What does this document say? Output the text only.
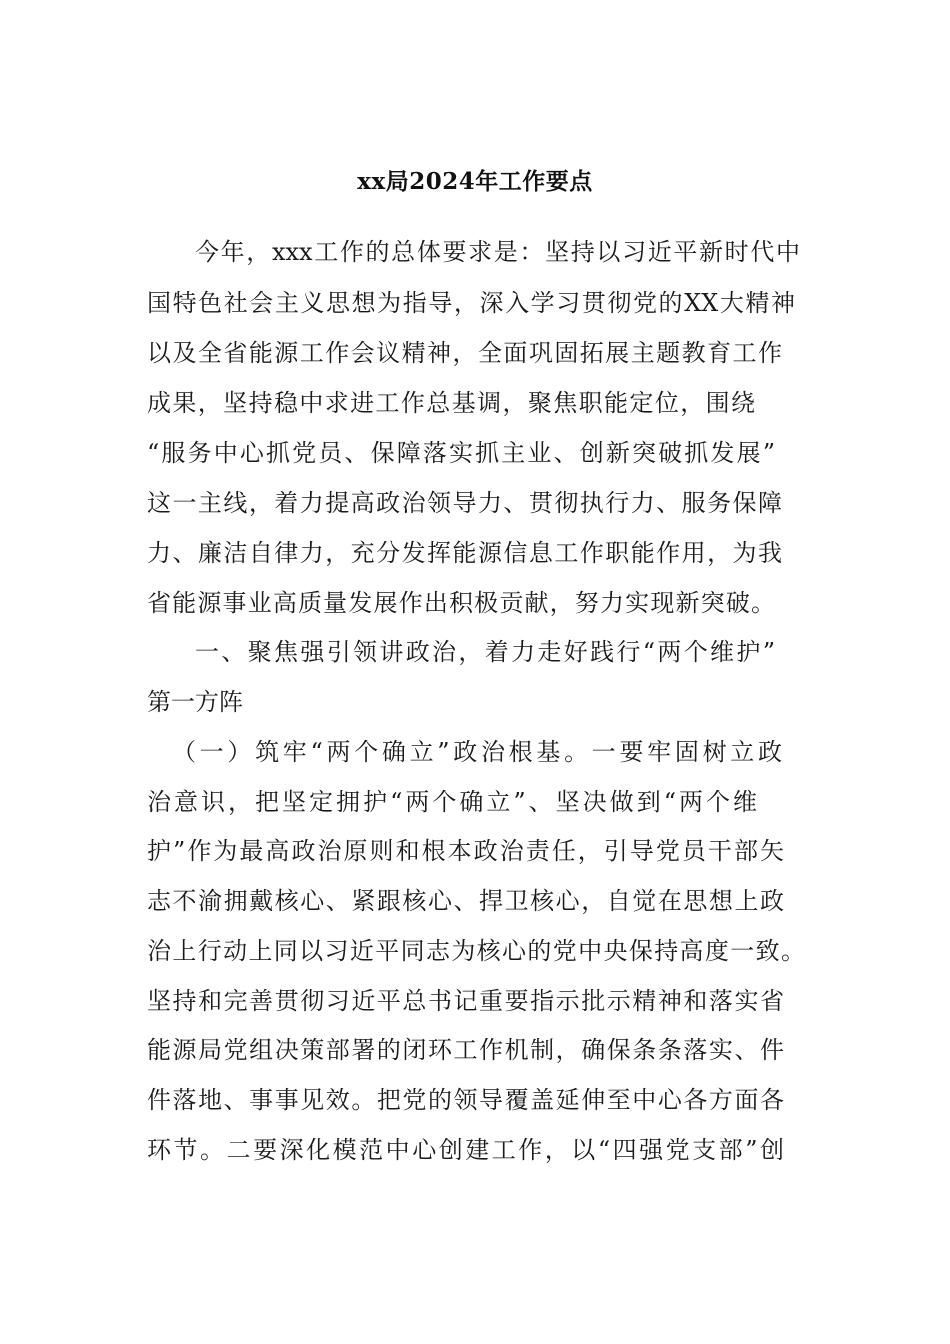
xx局2024年工作要点
今年，xxx工作的总体要求是：坚持以习近平新时代中
国特色社会主义思想为指导，深入学习贯彻党的XX大精神
以及全省能源工作会议精神，全面巩固拓展主题教育工作
成果，坚持稳中求进工作总基调，聚焦职能定位，围绕
“服务中心抓党员、保障落实抓主业、创新突破抓发展”
这一主线，着力提高政治领导力、贯彻执行力、服务保障
力、廉洁自律力，充分发挥能源信息工作职能作用，为我
省能源事业高质量发展作出积极贡献，努力实现新突破。
一、聚焦强引领讲政治，着力走好践行“两个维护”
第一方阵
（一）筑牢“两个确立”政治根基。一要牢固树立政
治意识，把坚定拥护“两个确立”、坚决做到“两个维
护”作为最高政治原则和根本政治责任，引导党员干部矢
志不渝拥戴核心、紧跟核心、捍卫核心，自觉在思想上政
治上行动上同以习近平同志为核心的党中央保持高度一致。
坚持和完善贯彻习近平总书记重要指示批示精神和落实省
能源局党组决策部署的闭环工作机制，确保条条落实、件
件落地、事事见效。把党的领导覆盖延伸至中心各方面各
环节。二要深化模范中心创建工作，以“四强党支部”创
